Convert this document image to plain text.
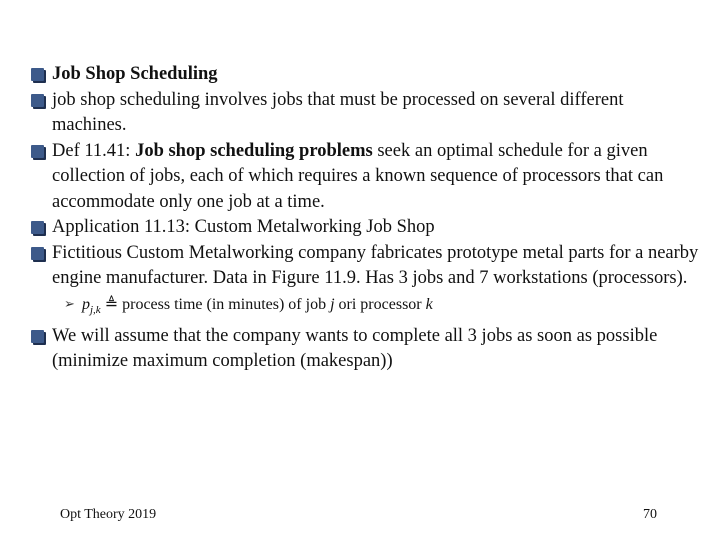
Job Shop Scheduling
job shop scheduling involves jobs that must be processed on several different machines.
Def 11.41: Job shop scheduling problems seek an optimal schedule for a given collection of jobs, each of which requires a known sequence of processors that can accommodate only one job at a time.
Application 11.13: Custom Metalworking Job Shop
Fictitious Custom Metalworking company fabricates prototype metal parts for a nearby engine manufacturer. Data in Figure 11.9. Has 3 jobs and 7 workstations (processors).
➢ $p_{j,k}$ ≜ process time (in minutes) of job j ori processor k
We will assume that the company wants to complete all 3 jobs as soon as possible (minimize maximum completion (makespan))
Opt Theory 2019	70
